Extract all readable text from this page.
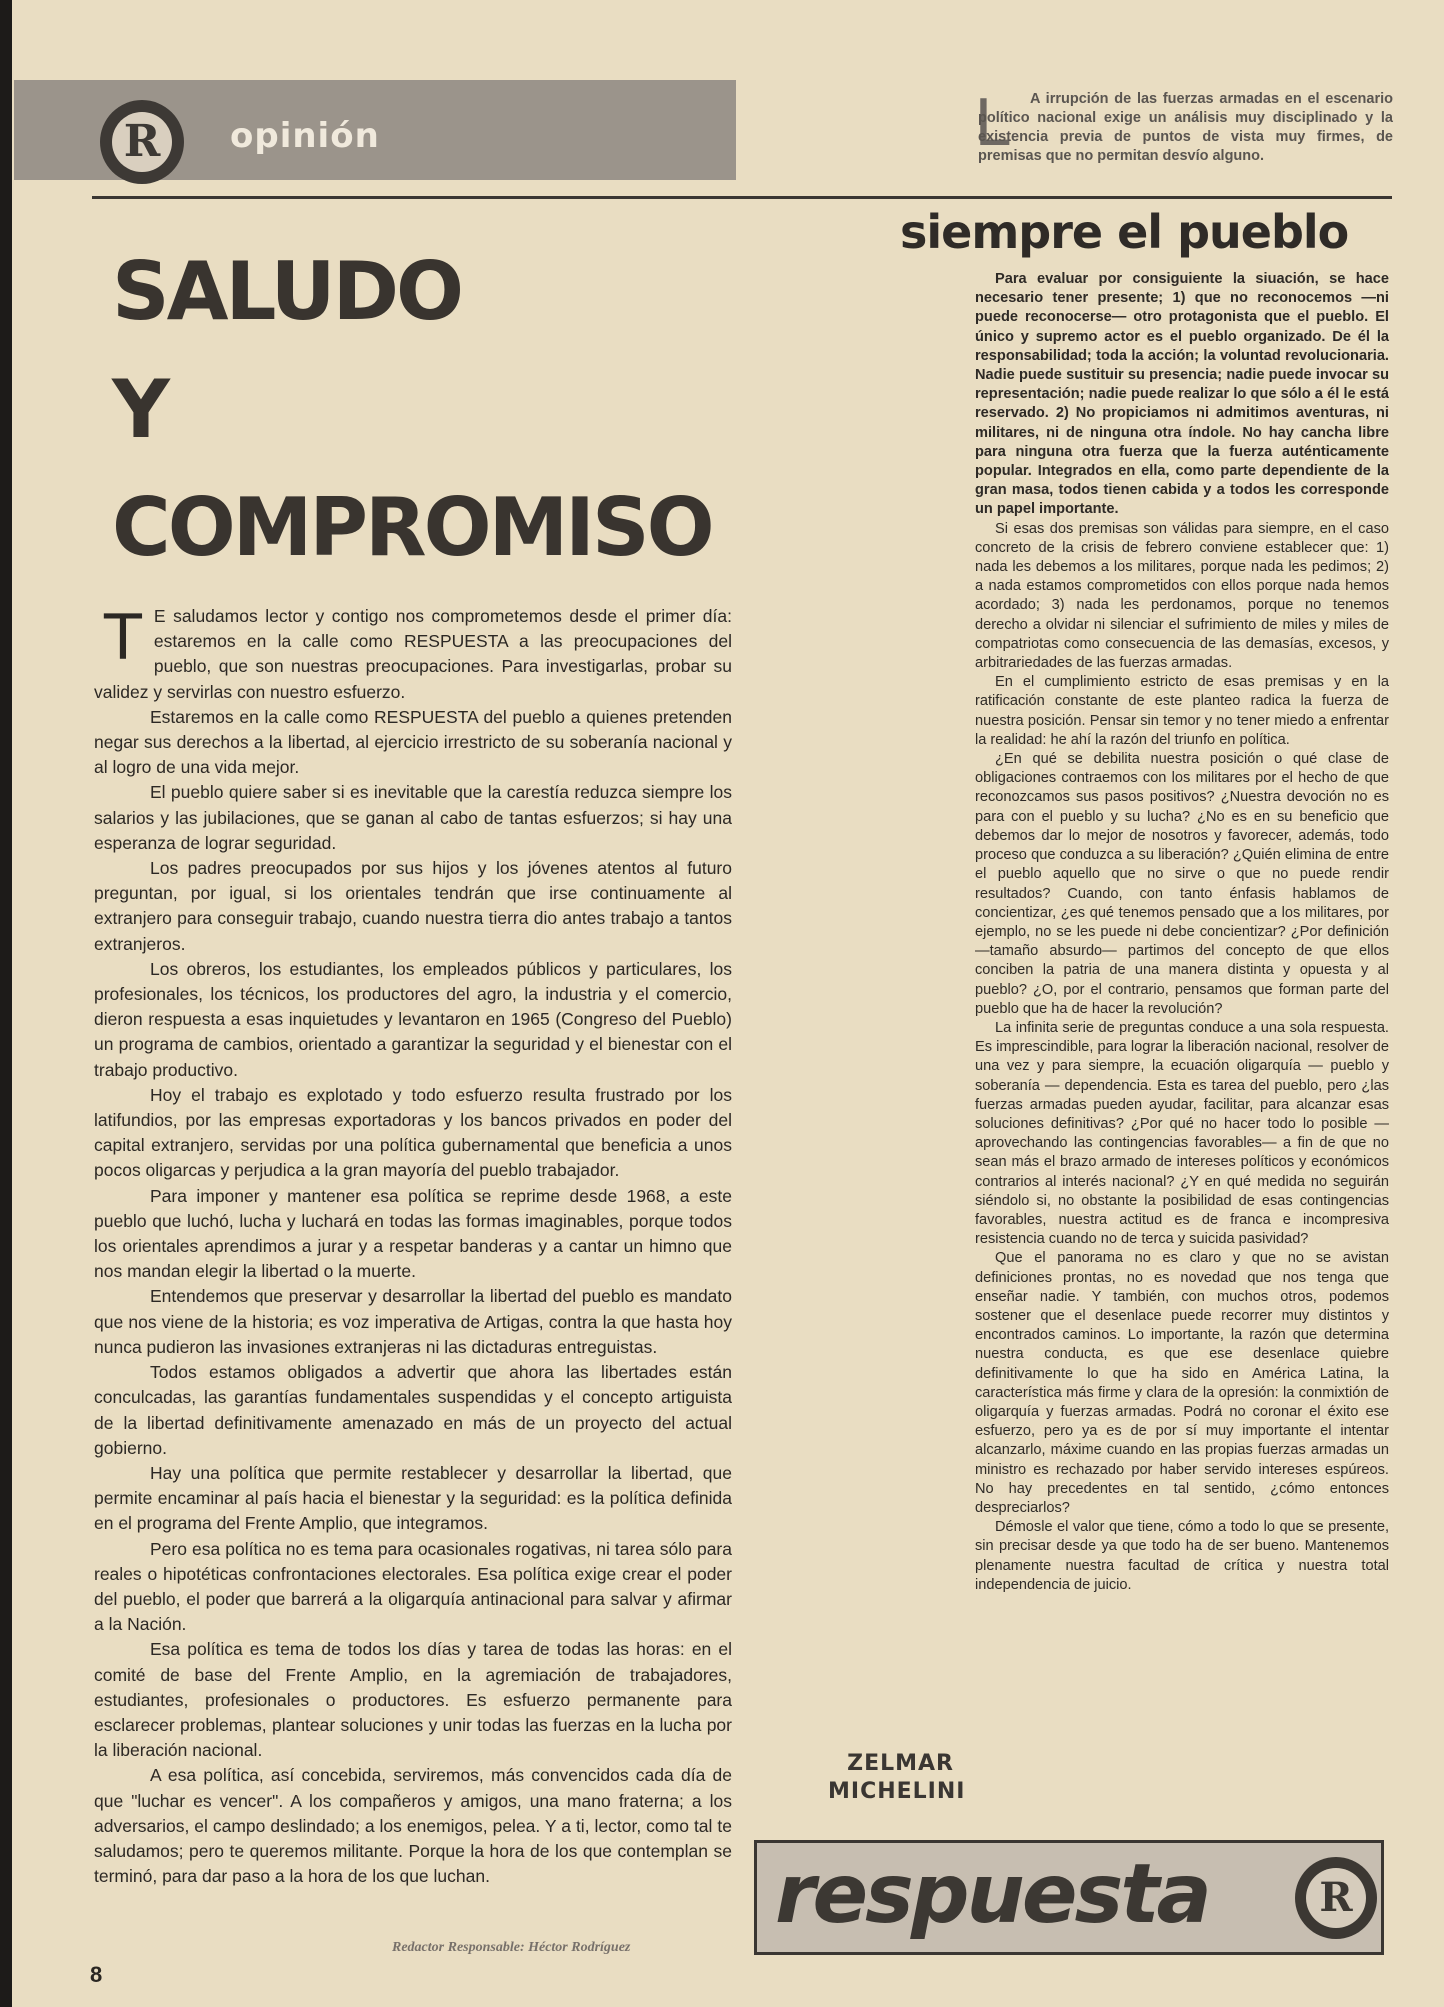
R	opinión	L	A irrupción de las fuerzas armadas en el escenario político nacional exige un análisis muy disciplinado y la existencia previa de puntos de vista muy firmes, de premisas que no permitan desvío alguno.

SALUDO
Y
COMPROMISO

T E saludamos lector y contigo nos comprometemos desde el primer día: estaremos en la calle como RESPUESTA a las preocupaciones del pueblo, que son nuestras preocupaciones. Para investigarlas, probar su validez y servirlas con nuestro esfuerzo.

Estaremos en la calle como RESPUESTA del pueblo a quienes pretenden negar sus derechos a la libertad, al ejercicio irrestricto de su soberanía nacional y al logro de una vida mejor.

El pueblo quiere saber si es inevitable que la carestía reduzca siempre los salarios y las jubilaciones, que se ganan al cabo de tantas esfuerzos; si hay una esperanza de lograr seguridad.

Los padres preocupados por sus hijos y los jóvenes atentos al futuro preguntan, por igual, si los orientales tendrán que irse continuamente al extranjero para conseguir trabajo, cuando nuestra tierra dio antes trabajo a tantos extranjeros.

Los obreros, los estudiantes, los empleados públicos y particulares, los profesionales, los técnicos, los productores del agro, la industria y el comercio, dieron respuesta a esas inquietudes y levantaron en 1965 (Congreso del Pueblo) un programa de cambios, orientado a garantizar la seguridad y el bienestar con el trabajo productivo.

Hoy el trabajo es explotado y todo esfuerzo resulta frustrado por los latifundios, por las empresas exportadoras y los bancos privados en poder del capital extranjero, servidas por una política gubernamental que beneficia a unos pocos oligarcas y perjudica a la gran mayoría del pueblo trabajador.

Para imponer y mantener esa política se reprime desde 1968, a este pueblo que luchó, lucha y luchará en todas las formas imaginables, porque todos los orientales aprendimos a jurar y a respetar banderas y a cantar un himno que nos mandan elegir la libertad o la muerte.

Entendemos que preservar y desarrollar la libertad del pueblo es mandato que nos viene de la historia; es voz imperativa de Artigas, contra la que hasta hoy nunca pudieron las invasiones extranjeras ni las dictaduras entreguistas.

Todos estamos obligados a advertir que ahora las libertades están conculcadas, las garantías fundamentales suspendidas y el concepto artiguista de la libertad definitivamente amenazado en más de un proyecto del actual gobierno.

Hay una política que permite restablecer y desarrollar la libertad, que permite encaminar al país hacia el bienestar y la seguridad: es la política definida en el programa del Frente Amplio, que integramos.

Pero esa política no es tema para ocasionales rogativas, ni tarea sólo para reales o hipotéticas confrontaciones electorales. Esa política exige crear el poder del pueblo, el poder que barrerá a la oligarquía antinacional para salvar y afirmar a la Nación.

Esa política es tema de todos los días y tarea de todas las horas: en el comité de base del Frente Amplio, en la agremiación de trabajadores, estudiantes, profesionales o productores. Es esfuerzo permanente para esclarecer problemas, plantear soluciones y unir todas las fuerzas en la lucha por la liberación nacional.

A esa política, así concebida, serviremos, más convencidos cada día de que "luchar es vencer". A los compañeros y amigos, una mano fraterna; a los adversarios, el campo deslindado; a los enemigos, pelea. Y a ti, lector, como tal te saludamos; pero te queremos militante. Porque la hora de los que contemplan se terminó, para dar paso a la hora de los que luchan.

Redactor Responsable: Héctor Rodríguez
8
siempre el pueblo

Para evaluar por consiguiente la siuación, se hace necesario tener presente; 1) que no reconocemos —ni puede reconocerse— otro protagonista que el pueblo. El único y supremo actor es el pueblo organizado. De él la responsabilidad; toda la acción; la voluntad revolucionaria. Nadie puede sustituir su presencia; nadie puede invocar su representación; nadie puede realizar lo que sólo a él le está reservado. 2) No propiciamos ni admitimos aventuras, ni militares, ni de ninguna otra índole. No hay cancha libre para ninguna otra fuerza que la fuerza auténticamente popular. Integrados en ella, como parte dependiente de la gran masa, todos tienen cabida y a todos les corresponde un papel importante.

Si esas dos premisas son válidas para siempre, en el caso concreto de la crisis de febrero conviene establecer que: 1) nada les debemos a los militares, porque nada les pedimos; 2) a nada estamos comprometidos con ellos porque nada hemos acordado; 3) nada les perdonamos, porque no tenemos derecho a olvidar ni silenciar el sufrimiento de miles y miles de compatriotas como consecuencia de las demasías, excesos, y arbitrariedades de las fuerzas armadas.

En el cumplimiento estricto de esas premisas y en la ratificación constante de este planteo radica la fuerza de nuestra posición. Pensar sin temor y no tener miedo a enfrentar la realidad: he ahí la razón del triunfo en política.

¿En qué se debilita nuestra posición o qué clase de obligaciones contraemos con los militares por el hecho de que reconozcamos sus pasos positivos? ¿Nuestra devoción no es para con el pueblo y su lucha? ¿No es en su beneficio que debemos dar lo mejor de nosotros y favorecer, además, todo proceso que conduzca a su liberación? ¿Quién elimina de entre el pueblo aquello que no sirve o que no puede rendir resultados? Cuando, con tanto énfasis hablamos de concientizar, ¿es qué tenemos pensado que a los militares, por ejemplo, no se les puede ni debe concientizar? ¿Por definición —tamaño absurdo— partimos del concepto de que ellos conciben la patria de una manera distinta y opuesta y al pueblo? ¿O, por el contrario, pensamos que forman parte del pueblo que ha de hacer la revolución?

La infinita serie de preguntas conduce a una sola respuesta. Es imprescindible, para lograr la liberación nacional, resolver de una vez y para siempre, la ecuación oligarquía — pueblo y soberanía — dependencia. Esta es tarea del pueblo, pero ¿las fuerzas armadas pueden ayudar, facilitar, para alcanzar esas soluciones definitivas? ¿Por qué no hacer todo lo posible —aprovechando las contingencias favorables— a fin de que no sean más el brazo armado de intereses políticos y económicos contrarios al interés nacional? ¿Y en qué medida no seguirán siéndolo si, no obstante la posibilidad de esas contingencias favorables, nuestra actitud es de franca e incompresiva resistencia cuando no de terca y suicida pasividad?

Que el panorama no es claro y que no se avistan definiciones prontas, no es novedad que nos tenga que enseñar nadie. Y también, con muchos otros, podemos sostener que el desenlace puede recorrer muy distintos y encontrados caminos. Lo importante, la razón que determina nuestra conducta, es que ese desenlace quiebre definitivamente lo que ha sido en América Latina, la característica más firme y clara de la opresión: la conmixtión de oligarquía y fuerzas armadas. Podrá no coronar el éxito ese esfuerzo, pero ya es de por sí muy importante el intentar alcanzarlo, máxime cuando en las propias fuerzas armadas un ministro es rechazado por haber servido intereses espúreos. No hay precedentes en tal sentido, ¿cómo entonces despreciarlos?

Démosle el valor que tiene, cómo a todo lo que se presente, sin precisar desde ya que todo ha de ser bueno. Mantenemos plenamente nuestra facultad de crítica y nuestra total independencia de juicio.

ZELMAR
MICHELINI
respuesta	R
